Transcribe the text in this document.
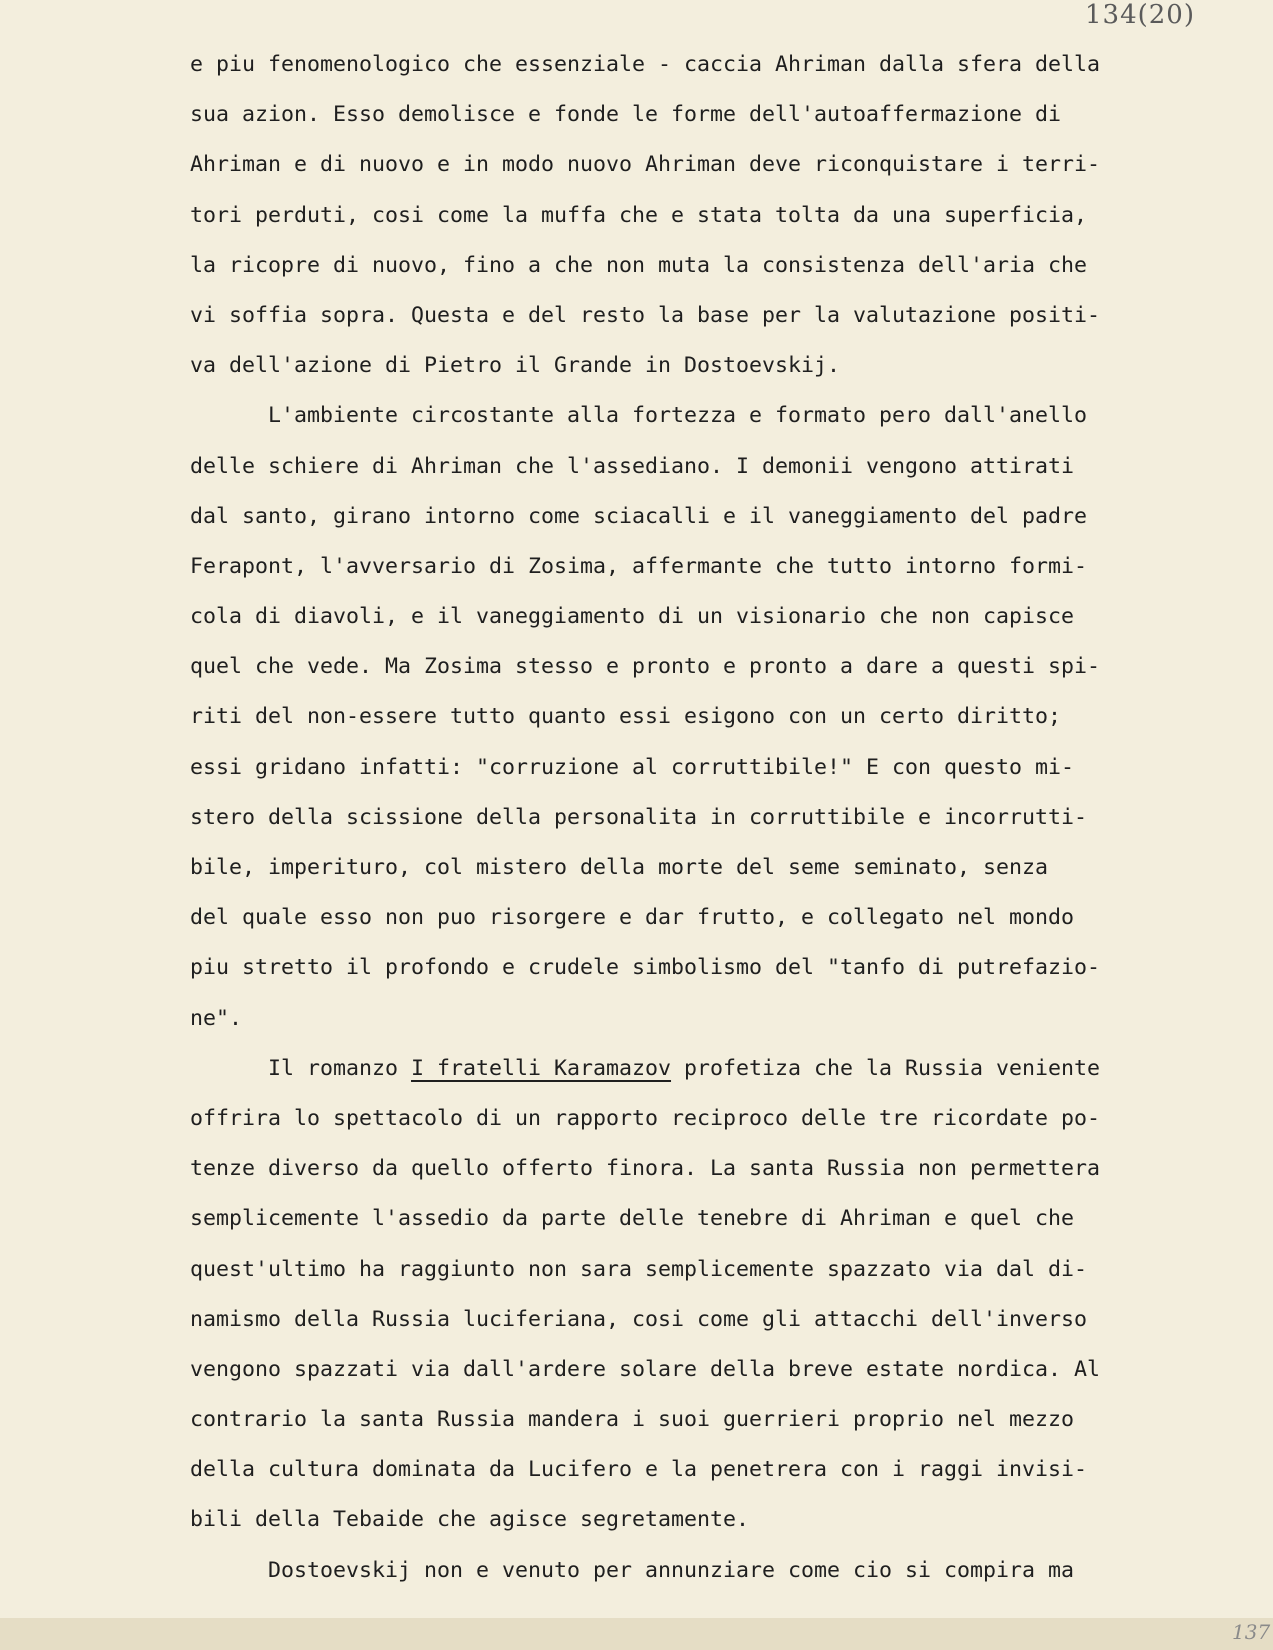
134(20)
137
e piu fenomenologico che essenziale - caccia Ahriman dalla sfera della
sua azion. Esso demolisce e fonde le forme dell'autoaffermazione di
Ahriman e di nuovo e in modo nuovo Ahriman deve riconquistare i terri-
tori perduti, cosi come la muffa che e stata tolta da una superficia,
la ricopre di nuovo, fino a che non muta la consistenza dell'aria che
vi soffia sopra. Questa e del resto la base per la valutazione positi-
va dell'azione di Pietro il Grande in Dostoevskij.
L'ambiente circostante alla fortezza e formato pero dall'anello
delle schiere di Ahriman che l'assediano. I demonii vengono attirati
dal santo, girano intorno come sciacalli e il vaneggiamento del padre
Ferapont, l'avversario di Zosima, affermante che tutto intorno formi-
cola di diavoli, e il vaneggiamento di un visionario che non capisce
quel che vede. Ma Zosima stesso e pronto e pronto a dare a questi spi-
riti del non-essere tutto quanto essi esigono con un certo diritto;
essi gridano infatti: "corruzione al corruttibile!" E con questo mi-
stero della scissione della personalita in corruttibile e incorrutti-
bile, imperituro, col mistero della morte del seme seminato, senza
del quale esso non puo risorgere e dar frutto, e collegato nel mondo
piu stretto il profondo e crudele simbolismo del "tanfo di putrefazio-
ne".
Il romanzo I fratelli Karamazov profetiza che la Russia veniente
offrira lo spettacolo di un rapporto reciproco delle tre ricordate po-
tenze diverso da quello offerto finora. La santa Russia non permettera
semplicemente l'assedio da parte delle tenebre di Ahriman e quel che
quest'ultimo ha raggiunto non sara semplicemente spazzato via dal di-
namismo della Russia luciferiana, cosi come gli attacchi dell'inverso
vengono spazzati via dall'ardere solare della breve estate nordica. Al
contrario la santa Russia mandera i suoi guerrieri proprio nel mezzo
della cultura dominata da Lucifero e la penetrera con i raggi invisi-
bili della Tebaide che agisce segretamente.
Dostoevskij non e venuto per annunziare come cio si compira ma
